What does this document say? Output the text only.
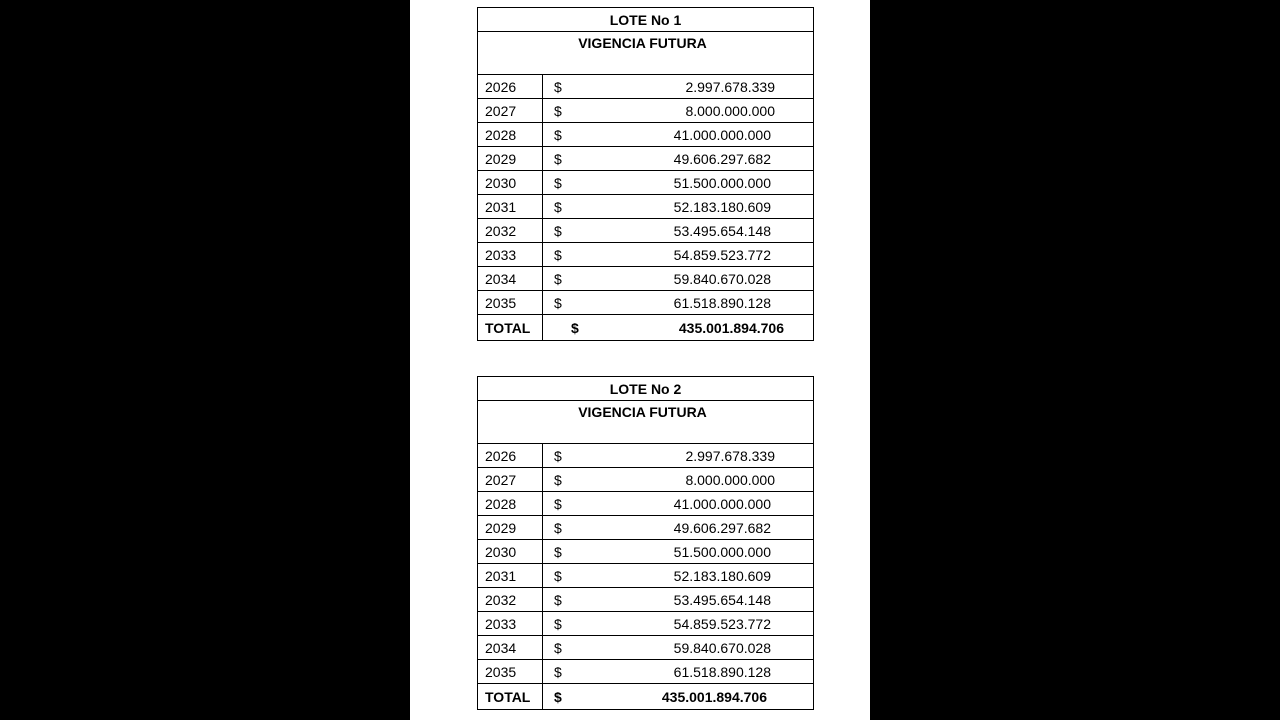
LOTE No 1
VIGENCIA FUTURA
2026	$	2.997.678.339
2027	$	8.000.000.000
2028	$	41.000.000.000
2029	$	49.606.297.682
2030	$	51.500.000.000
2031	$	52.183.180.609
2032	$	53.495.654.148
2033	$	54.859.523.772
2034	$	59.840.670.028
2035	$	61.518.890.128
TOTAL	$	435.001.894.706
LOTE No 2
VIGENCIA FUTURA
2026	$	2.997.678.339
2027	$	8.000.000.000
2028	$	41.000.000.000
2029	$	49.606.297.682
2030	$	51.500.000.000
2031	$	52.183.180.609
2032	$	53.495.654.148
2033	$	54.859.523.772
2034	$	59.840.670.028
2035	$	61.518.890.128
TOTAL	$	435.001.894.706
